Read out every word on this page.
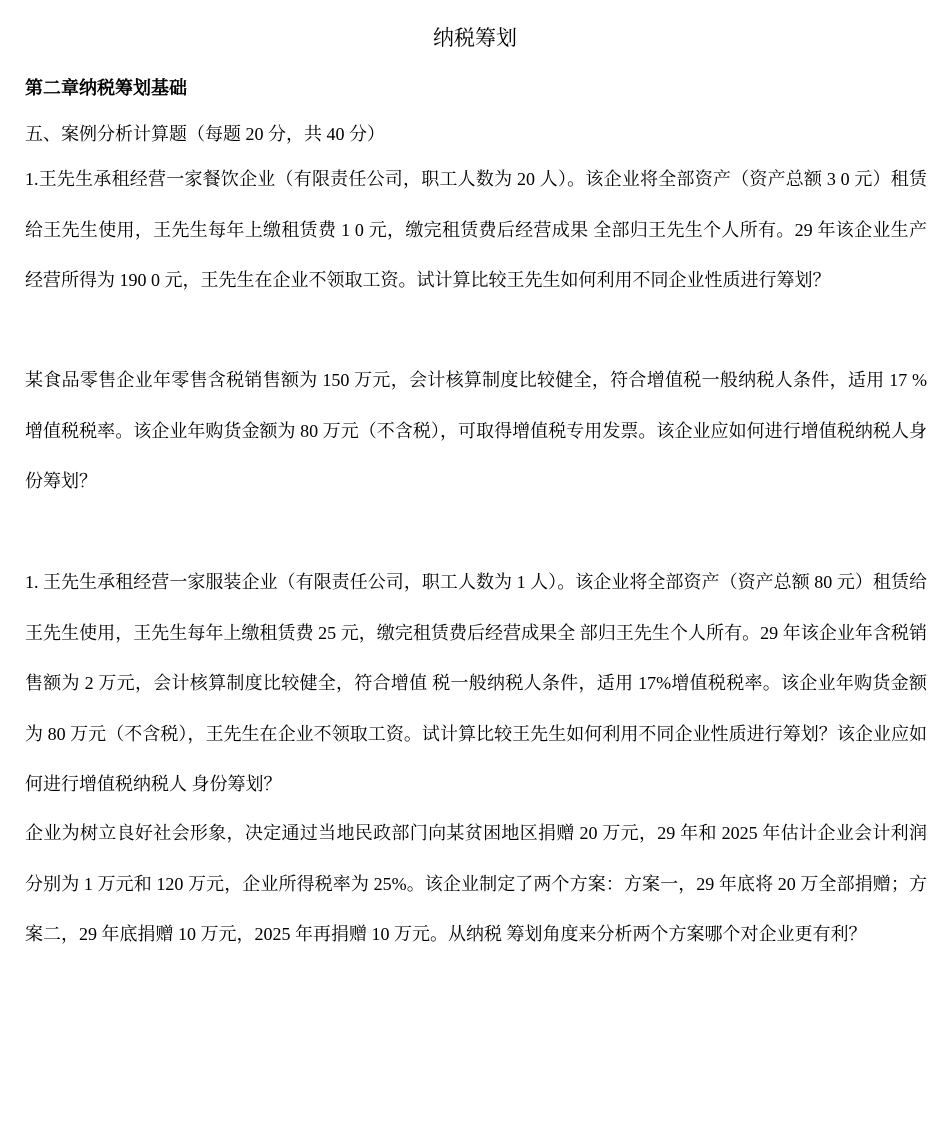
纳税筹划
第二章纳税筹划基础
五、案例分析计算题（每题 20 分，共 40 分）
1.王先生承租经营一家餐饮企业（有限责任公司，职工人数为 20 人）。该企业将全部资产（资产总额 3 0 元）租赁给王先生使用，王先生每年上缴租赁费 1 0 元，缴完租赁费后经营成果 全部归王先生个人所有。29 年该企业生产经营所得为 190 0 元，王先生在企业不领取工资。试计算比较王先生如何利用不同企业性质进行筹划？
某食品零售企业年零售含税销售额为 150 万元，会计核算制度比较健全，符合增值税一般纳税人条件，适用 17 %增值税税率。该企业年购货金额为 80 万元（不含税），可取得增值税专用发票。该企业应如何进行增值税纳税人身份筹划？
1. 王先生承租经营一家服装企业（有限责任公司，职工人数为 1 人）。该企业将全部资产（资产总额 80 元）租赁给王先生使用，王先生每年上缴租赁费 25 元，缴完租赁费后经营成果全 部归王先生个人所有。29 年该企业年含税销售额为 2 万元，会计核算制度比较健全，符合增值 税一般纳税人条件，适用 17%增值税税率。该企业年购货金额为 80 万元（不含税），王先生在企业不领取工资。试计算比较王先生如何利用不同企业性质进行筹划？该企业应如何进行增值税纳税人 身份筹划？
企业为树立良好社会形象，决定通过当地民政部门向某贫困地区捐赠 20 万元，29 年和 2025 年估计企业会计利润分别为 1 万元和 120 万元，企业所得税率为 25%。该企业制定了两个方案：方案一，29 年底将 20 万全部捐赠；方案二，29 年底捐赠 10 万元，2025 年再捐赠 10 万元。从纳税 筹划角度来分析两个方案哪个对企业更有利？
